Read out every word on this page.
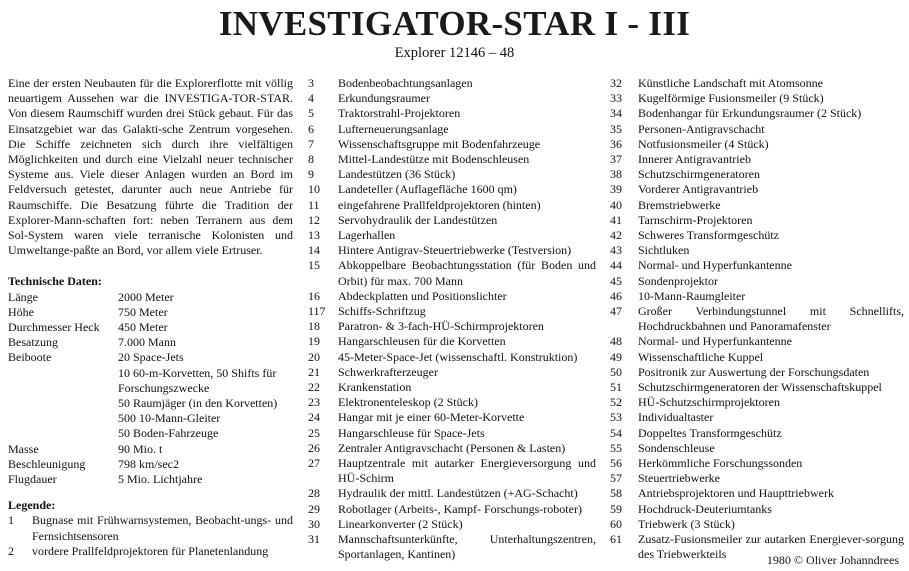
INVESTIGATOR-STAR I - III
Explorer 12146 – 48

Eine der ersten Neubauten für die Explorerflotte mit völlig neuartigem Aussehen war die INVESTIGA-TOR-STAR. Von diesem Raumschiff wurden drei Stück gebaut. Für das Einsatzgebiet war das Galakti-sche Zentrum vorgesehen. Die Schiffe zeichneten sich durch ihre vielfältigen Möglichkeiten und durch eine Vielzahl neuer technischer Systeme aus. Viele dieser Anlagen wurden an Bord im Feldversuch getestet, darunter auch neue Antriebe für Raumschiffe. Die Besatzung führte die Tradition der Explorer-Mann-schaften fort: neben Terranern aus dem Sol-System waren viele terranische Kolonisten und Umweltange-paßte an Bord, vor allem viele Ertruser.

Technische Daten:
Länge	2000 Meter
Höhe	750 Meter
Durchmesser Heck	450 Meter
Besatzung	7.000 Mann
Beiboote	20 Space-Jets
10 60-m-Korvetten, 50 Shifts für Forschungszwecke
50 Raumjäger (in den Korvetten)
500 10-Mann-Gleiter
50 Boden-Fahrzeuge
Masse	90 Mio. t
Beschleunigung	798 km/sec2
Flugdauer	5 Mio. Lichtjahre
Legende:
1	Bugnase mit Frühwarnsystemen, Beobacht-ungs- und Fernsichtsensoren
2	vordere Prallfeldprojektoren für Planetenlandung
3	Bodenbeobachtungsanlagen
4	Erkundungsraumer
5	Traktorstrahl-Projektoren
6	Lufterneuerungsanlage
7	Wissenschaftsgruppe mit Bodenfahrzeuge
8	Mittel-Landestütze mit Bodenschleusen
9	Landestützen (36 Stück)
10	Landeteller (Auflagefläche 1600 qm)
11	eingefahrene Prallfeldprojektoren (hinten)
12	Servohydraulik der Landestützen
13	Lagerhallen
14	Hintere Antigrav-Steuertriebwerke (Testversion)
15	Abkoppelbare Beobachtungsstation (für Boden und Orbit) für max. 700 Mann
16	Abdeckplatten und Positionslichter
117	Schiffs-Schriftzug
18	Paratron- & 3-fach-HÜ-Schirmprojektoren
19	Hangarschleusen für die Korvetten
20	45-Meter-Space-Jet (wissenschaftl. Konstruktion)
21	Schwerkrafterzeuger
22	Krankenstation
23	Elektronenteleskop (2 Stück)
24	Hangar mit je einer 60-Meter-Korvette
25	Hangarschleuse für Space-Jets
26	Zentraler Antigravschacht (Personen & Lasten)
27	Hauptzentrale mit autarker Energieversorgung und HÜ-Schirm
28	Hydraulik der mittl. Landestützen (+AG-Schacht)
29	Robotlager (Arbeits-, Kampf- Forschungs-roboter)
30	Linearkonverter (2 Stück)
31	Mannschaftsunterkünfte, Unterhaltungszentren, Sportanlagen, Kantinen)
32	Künstliche Landschaft mit Atomsonne
33	Kugelförmige Fusionsmeiler (9 Stück)
34	Bodenhangar für Erkundungsraumer (2 Stück)
35	Personen-Antigravschacht
36	Notfusionsmeiler (4 Stück)
37	Innerer Antigravantrieb
38	Schutzschirmgeneratoren
39	Vorderer Antigravantrieb
40	Bremstriebwerke
41	Tarnschirm-Projektoren
42	Schweres Transformgeschütz
43	Sichtluken
44	Normal- und Hyperfunkantenne
45	Sondenprojektor
46	10-Mann-Raumgleiter
47	Großer Verbindungstunnel mit Schnellifts, Hochdruckbahnen und Panoramafenster
48	Normal- und Hyperfunkantenne
49	Wissenschaftliche Kuppel
50	Positronik zur Auswertung der Forschungsdaten
51	Schutzschirmgeneratoren der Wissenschaftskuppel
52	HÜ-Schutzschirmprojektoren
53	Individualtaster
54	Doppeltes Transformgeschütz
55	Sondenschleuse
56	Herkömmliche Forschungssonden
57	Steuertriebwerke
58	Antriebsprojektoren und Haupttriebwerk
59	Hochdruck-Deuteriumtanks
60	Triebwerk (3 Stück)
61	Zusatz-Fusionsmeiler zur autarken Energiever-sorgung des Triebwerkteils	1980 © Oliver Johanndrees
